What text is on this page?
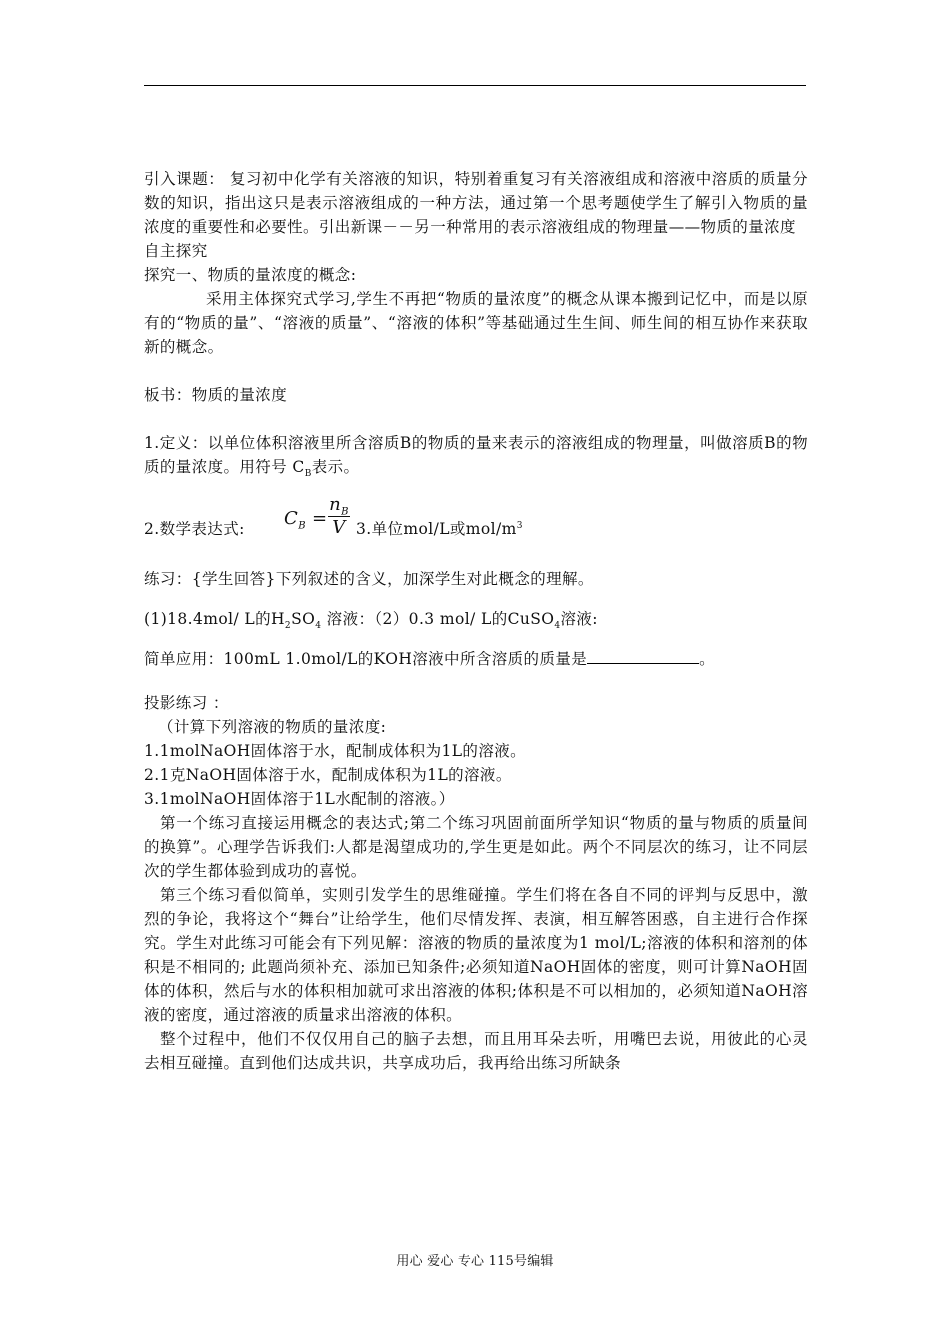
引入课题： 复习初中化学有关溶液的知识，特别着重复习有关溶液组成和溶液中溶质的质量分数的知识，指出这只是表示溶液组成的一种方法，通过第一个思考题使学生了解引入物质的量浓度的重要性和必要性。引出新课－－另一种常用的表示溶液组成的物理量——物质的量浓度

自主探究

探究一、物质的量浓度的概念:

采用主体探究式学习,学生不再把“物质的量浓度”的概念从课本搬到记忆中，而是以原有的“物质的量”、“溶液的质量”、“溶液的体积”等基础通过生生间、师生间的相互协作来获取新的概念。

板书：物质的量浓度

1.定义：以单位体积溶液里所含溶质B的物质的量来表示的溶液组成的物理量，叫做溶质B的物质的量浓度。用符号 $C_B$表示。

2.数学表达式: $C_B$ =
$n_B$
V 3.单位mol/L或mol/$m^3$

练习：{学生回答}下列叙述的含义，加深学生对此概念的理解。

(1)18.4mol/ L的$H_2SO_4$ 溶液：（2）0.3 mol/ L的CuSO$_4$溶液:

简单应用：100mL 1.0mol/L的KOH溶液中所含溶质的质量是	。

投影练习 ：

（计算下列溶液的物质的量浓度:

1.1molNaOH固体溶于水，配制成体积为1L的溶液。

2.1克NaOH固体溶于水，配制成体积为1L的溶液。

3.1molNaOH固体溶于1L水配制的溶液。）

第一个练习直接运用概念的表达式;第二个练习巩固前面所学知识“物质的量与物质的质量间的换算”。心理学告诉我们:人都是渴望成功的,学生更是如此。两个不同层次的练习，让不同层次的学生都体验到成功的喜悦。

第三个练习看似简单，实则引发学生的思维碰撞。学生们将在各自不同的评判与反思中，激烈的争论，我将这个“舞台”让给学生，他们尽情发挥、表演，相互解答困惑，自主进行合作探究。学生对此练习可能会有下列见解：溶液的物质的量浓度为1 mol/L;溶液的体积和溶剂的体积是不相同的; 此题尚须补充、添加已知条件;必须知道NaOH固体的密度，则可计算NaOH固体的体积，然后与水的体积相加就可求出溶液的体积;体积是不可以相加的，必须知道NaOH溶液的密度，通过溶液的质量求出溶液的体积。

整个过程中，他们不仅仅用自己的脑子去想，而且用耳朵去听，用嘴巴去说，用彼此的心灵去相互碰撞。直到他们达成共识，共享成功后，我再给出练习所缺条

用心 爱心 专心 115号编辑
